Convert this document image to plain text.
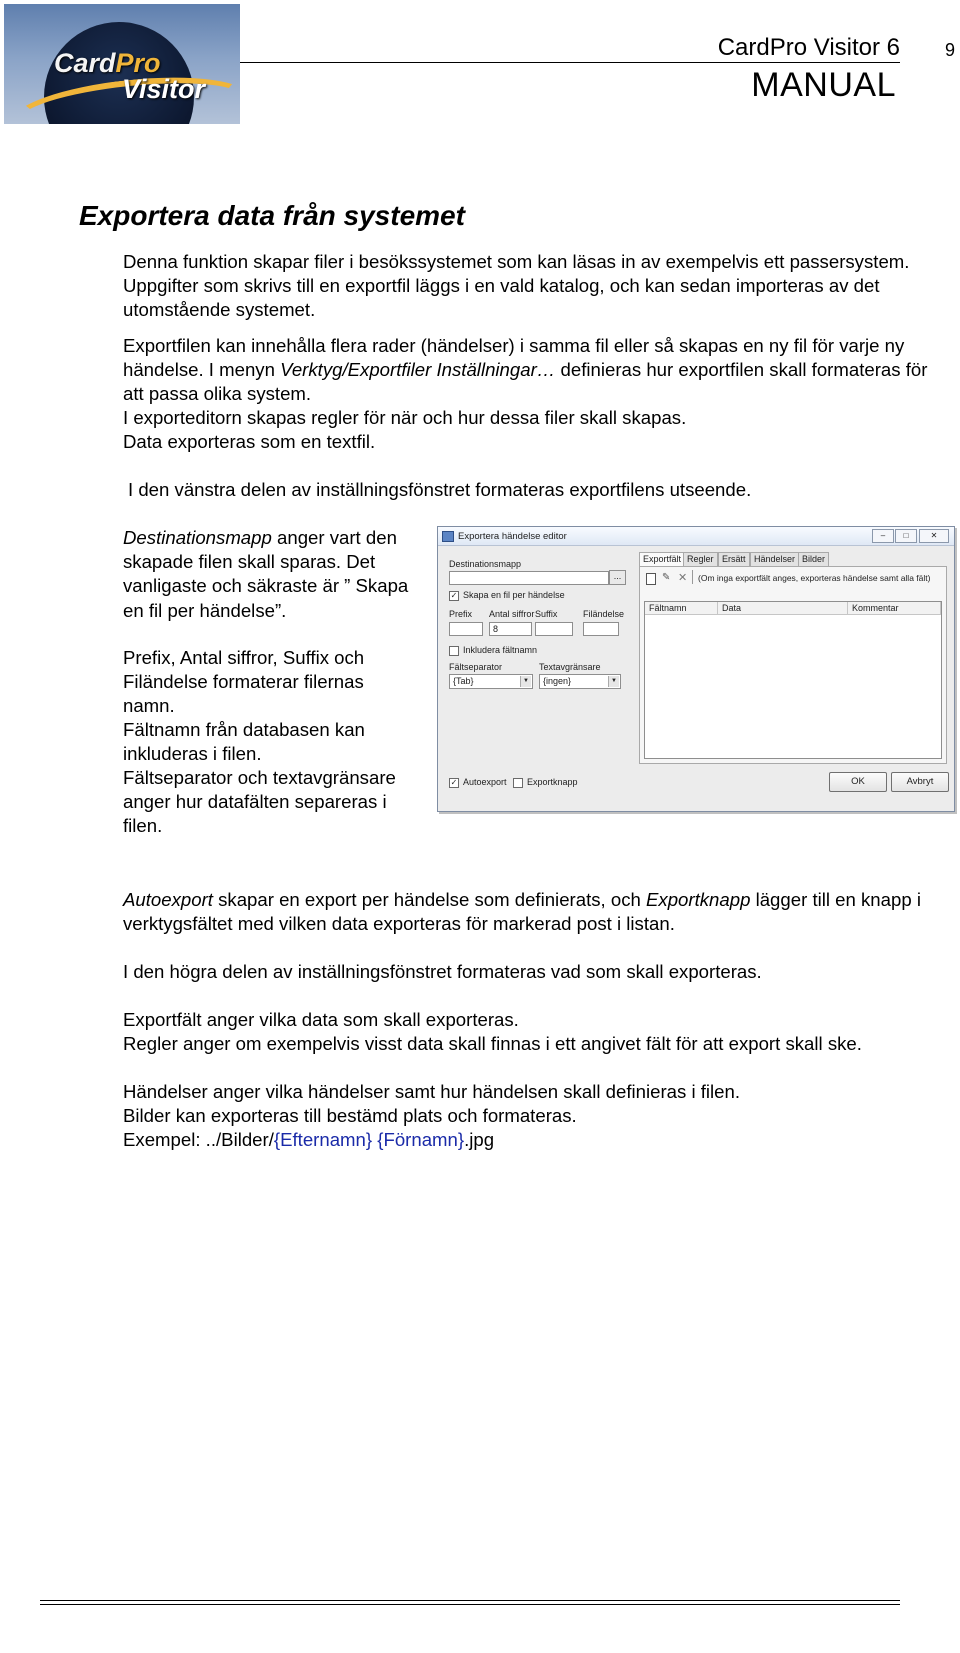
CardPro
Visitor
CardPro Visitor 6 9
MANUAL
Exportera data från systemet

Denna funktion skapar filer i besökssystemet som kan läsas in av exempelvis ett passersystem. Uppgifter som skrivs till en exportfil läggs i en vald katalog, och kan sedan importeras av det utomstående systemet.

Exportfilen kan innehålla flera rader (händelser) i samma fil eller så skapas en ny fil för varje ny händelse. I menyn Verktyg/Exportfiler Inställningar… definieras hur exportfilen skall formateras för att passa olika system.

I exporteditorn skapas regler för när och hur dessa filer skall skapas.

Data exporteras som en textfil.

I den vänstra delen av inställningsfönstret formateras exportfilens utseende.

Destinationsmapp anger vart den skapade filen skall sparas. Det vanligaste och säkraste är ” Skapa en fil per händelse”.

Prefix, Antal siffror, Suffix och Filändelse formaterar filernas namn.

Fältnamn från databasen kan inkluderas i filen.

Fältseparator och textavgränsare anger hur datafälten separeras i filen.

Exportera händelse editor	–	□	✕
Destinationsmapp
...
✓ Skapa en fil per händelse
Prefix Antal siffror Suffix	Filändelse
8
Inkludera fältnamn
Fältseparator	Textavgränsare
{Tab}	▼ {ingen}	▼
Exportfält Regler Ersätt Händelser Bilder
✎ ✕ (Om inga exportfält anges, exporteras händelse samt alla fält)
Fältnamn	Data	Kommentar
✓ Autoexport Exportknapp	OK	Avbryt

Autoexport skapar en export per händelse som definierats, och Exportknapp lägger till en knapp i verktygsfältet med vilken data exporteras för markerad post i listan.

I den högra delen av inställningsfönstret formateras vad som skall exporteras.

Exportfält anger vilka data som skall exporteras.

Regler anger om exempelvis visst data skall finnas i ett angivet fält för att export skall ske.

Händelser anger vilka händelser samt hur händelsen skall definieras i filen.

Bilder kan exporteras till bestämd plats och formateras.

Exempel: ../Bilder/{Efternamn} {Förnamn}.jpg
